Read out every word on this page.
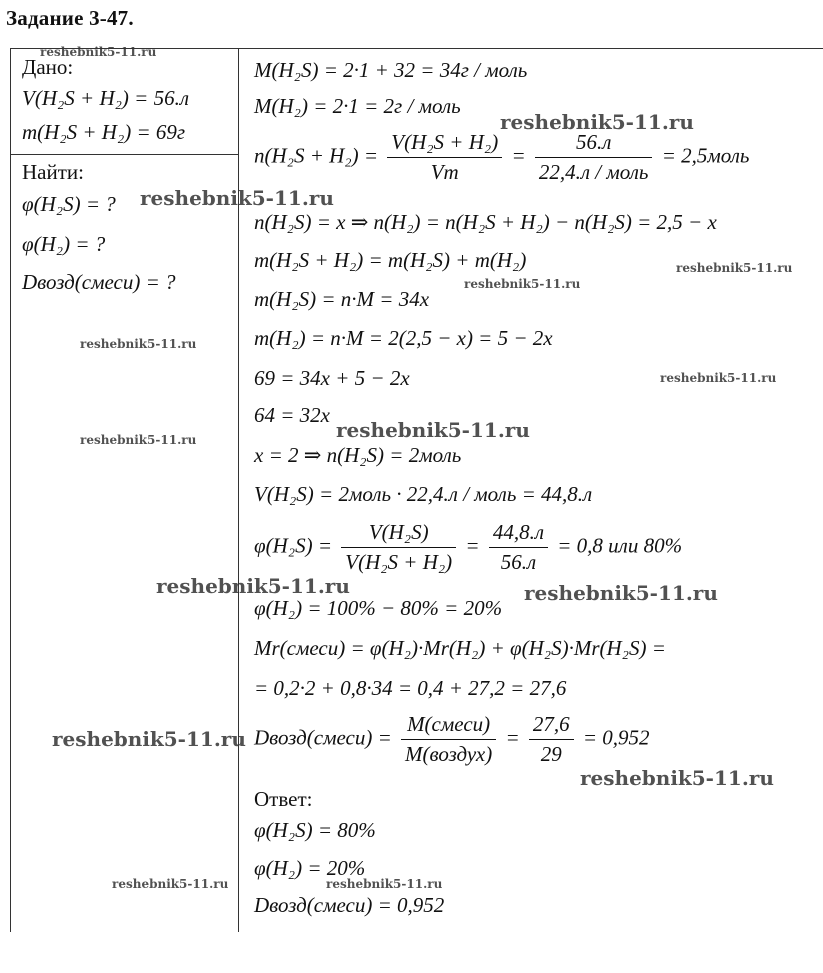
Задание 3-47.
Дано:
V(H₂S + H₂) = 56.л
m(H₂S + H₂) = 69г
Найти:
φ(H₂S) = ?
φ(H₂) = ?
Dвозд(смеси) = ?
M(H₂S) = 2·1 + 32 = 34г / моль
M(H₂) = 2·1 = 2г / моль
$n(H_2S + H_2) = \frac{\text{V(H₂S + H₂)}}{Vm} = \frac{56.л}{\text{22,4.л / моль}}$ = 2,5моль
n(H₂S) = x ⇒ n(H₂) = n(H₂S + H₂) − n(H₂S) = 2,5 − x
m(H₂S + H₂) = m(H₂S) + m(H₂)
m(H₂S) = n·M = 34x
m(H₂) = n·M = 2(2,5 − x) = 5 − 2x
69 = 34x + 5 − 2x
64 = 32x
x = 2 ⇒ n(H₂S) = 2моль
V(H₂S) = 2моль · 22,4.л / моль = 44,8.л
$\varphi(H_2S) = \frac{\text{V(H₂S)}}{\text{V(H₂S + H₂)}} = \frac{44,8.л}{56.л} = 0,8$ или 80%
φ(H₂) = 100% − 80% = 20%
Mr(смеси) = φ(H₂)·Mr(H₂) + φ(H₂S)·Mr(H₂S) =
= 0,2·2 + 0,8·34 = 0,4 + 27,2 = 27,6
Dвозд(смеси) = $\frac{\text{M(смеси)}}{\text{M(воздух)}} = \frac{27,6}{29} = 0,952$
Ответ:
φ(H₂S) = 80%
φ(H₂) = 20%
Dвозд(смеси) = 0,952
reshebnik5-11.ru
reshebnik5-11.ru
reshebnik5-11.ru
reshebnik5-11.ru
reshebnik5-11.ru
reshebnik5-11.ru
reshebnik5-11.ru
reshebnik5-11.ru
reshebnik5-11.ru
reshebnik5-11.ru	reshebnik5-11.ru
reshebnik5-11.ru
reshebnik5-11.ru
reshebnik5-11.ru	reshebnik5-11.ru
